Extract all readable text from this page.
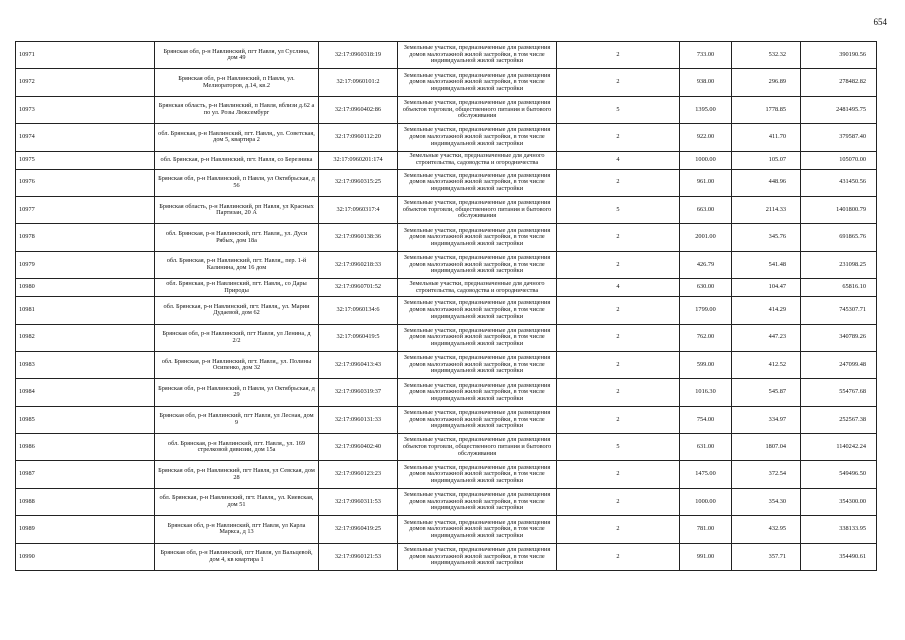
654
10971	Брянская обл, р-н Навлинский, пгт Навля, ул Суслина, дом 49	32:17:0960318:19	Земельные участки, предназначенные для размещения домов малоэтажной жилой застройки, в том числе индивидуальной жилой застройки	2	733.00	532.32	390190.56
10972	Брянская обл, р-н Навлинский, п Навля, ул. Мелиораторов, д.14, кв.2	32:17:0960101:2	Земельные участки, предназначенные для размещения домов малоэтажной жилой застройки, в том числе индивидуальной жилой застройки	2	938.00	296.89	278482.82
10973	Брянская область, р-н Навлинский, п Навля, вблизи д.62 а по ул. Розы Люксембург	32:17:0960402:86	Земельные участки, предназначенные для размещения объектов торговли, общественного питания и бытового обслуживания	5	1395.00	1778.85	2481495.75
10974	обл. Брянская, р-н Навлинский, пгт. Навля,, ул. Советская, дом 5, квартира 2	32:17:0960112:20	Земельные участки, предназначенные для размещения домов малоэтажной жилой застройки, в том числе индивидуальной жилой застройки	2	922.00	411.70	379587.40
10975	обл. Брянская, р-н Навлинский, пгт. Навля, со Березника	32:17:0960201:174	Земельные участки, предназначенные для дачного строительства, садоводства и огородничества	4	1000.00	105.07	105070.00
10976	Брянская обл, р-н Навлинский, п Навля, ул Октябрьская, д 56	32:17:0960315:25	Земельные участки, предназначенные для размещения домов малоэтажной жилой застройки, в том числе индивидуальной жилой застройки	2	961.00	448.96	431450.56
10977	Брянская область, р-н Навлинский, рп Навля, ул Красных Партизан, 20 А	32:17:0960317:4	Земельные участки, предназначенные для размещения объектов торговли, общественного питания и бытового обслуживания	5	663.00	2114.33	1401800.79
10978	обл. Брянская, р-н Навлинский, пгт. Навля,, ул. Дуси Рябых, дом 18а	32:17:0960138:36	Земельные участки, предназначенные для размещения домов малоэтажной жилой застройки, в том числе индивидуальной жилой застройки	2	2001.00	345.76	691865.76
10979	обл. Брянская, р-н Навлинский, пгт. Навля,, пер. 1-й Калинина, дом 16 дом	32:17:0960218:33	Земельные участки, предназначенные для размещения домов малоэтажной жилой застройки, в том числе индивидуальной жилой застройки	2	426.79	541.48	231098.25
10980	обл. Брянская, р-н Навлинский, пгт. Навля,, со Дары Природы	32:17:0960701:52	Земельные участки, предназначенные для дачного строительства, садоводства и огородничества	4	630.00	104.47	65816.10
10981	обл. Брянская, р-н Навлинский, пгт. Навля,, ул. Марии Дудаевой, дом 62	32:17:0960134:6	Земельные участки, предназначенные для размещения домов малоэтажной жилой застройки, в том числе индивидуальной жилой застройки	2	1799.00	414.29	745307.71
10982	Брянская обл, р-н Навлинский, пгт Навля, ул Ленина, д 2/2	32:17:0960419:5	Земельные участки, предназначенные для размещения домов малоэтажной жилой застройки, в том числе индивидуальной жилой застройки	2	762.00	447.23	340789.26
10983	обл. Брянская, р-н Навлинский, пгт. Навля,, ул. Полины Осипенко, дом 32	32:17:0960413:43	Земельные участки, предназначенные для размещения домов малоэтажной жилой застройки, в том числе индивидуальной жилой застройки	2	599.00	412.52	247099.48
10984	Брянская обл, р-н Навлинский, п Навля, ул Октябрьская, д 29	32:17:0960319:37	Земельные участки, предназначенные для размещения домов малоэтажной жилой застройки, в том числе индивидуальной жилой застройки	2	1016.30	545.87	554767.68
10985	Брянская обл, р-н Навлинский, пгт Навля, ул Лесная, дом 9	32:17:0960131:33	Земельные участки, предназначенные для размещения домов малоэтажной жилой застройки, в том числе индивидуальной жилой застройки	2	754.00	334.97	252567.38
10986	обл. Брянская, р-н Навлинский, пгт. Навля,, ул. 169 стрелковой дивизии, дом 15а	32:17:0960402:40	Земельные участки, предназначенные для размещения объектов торговли, общественного питания и бытового обслуживания	5	631.00	1807.04	1140242.24
10987	Брянская обл, р-н Навлинский, пгт Навля, ул Севская, дом 28	32:17:0960123:23	Земельные участки, предназначенные для размещения домов малоэтажной жилой застройки, в том числе индивидуальной жилой застройки	2	1475.00	372.54	549496.50
10988	обл. Брянская, р-н Навлинский, пгт. Навля,, ул. Киевская, дом 51	32:17:0960311:53	Земельные участки, предназначенные для размещения домов малоэтажной жилой застройки, в том числе индивидуальной жилой застройки	2	1000.00	354.30	354300.00
10989	Брянская обл, р-н Навлинский, пгт Навля, ул Карла Маркса, д 13	32:17:0960419:25	Земельные участки, предназначенные для размещения домов малоэтажной жилой застройки, в том числе индивидуальной жилой застройки	2	781.00	432.95	338133.95
10990	Брянская обл, р-н Навлинский, пгт Навля, ул Вальцевой, дом 4, кв квартира 1	32:17:0960121:53	Земельные участки, предназначенные для размещения домов малоэтажной жилой застройки, в том числе индивидуальной жилой застройки	2	991.00	357.71	354490.61
